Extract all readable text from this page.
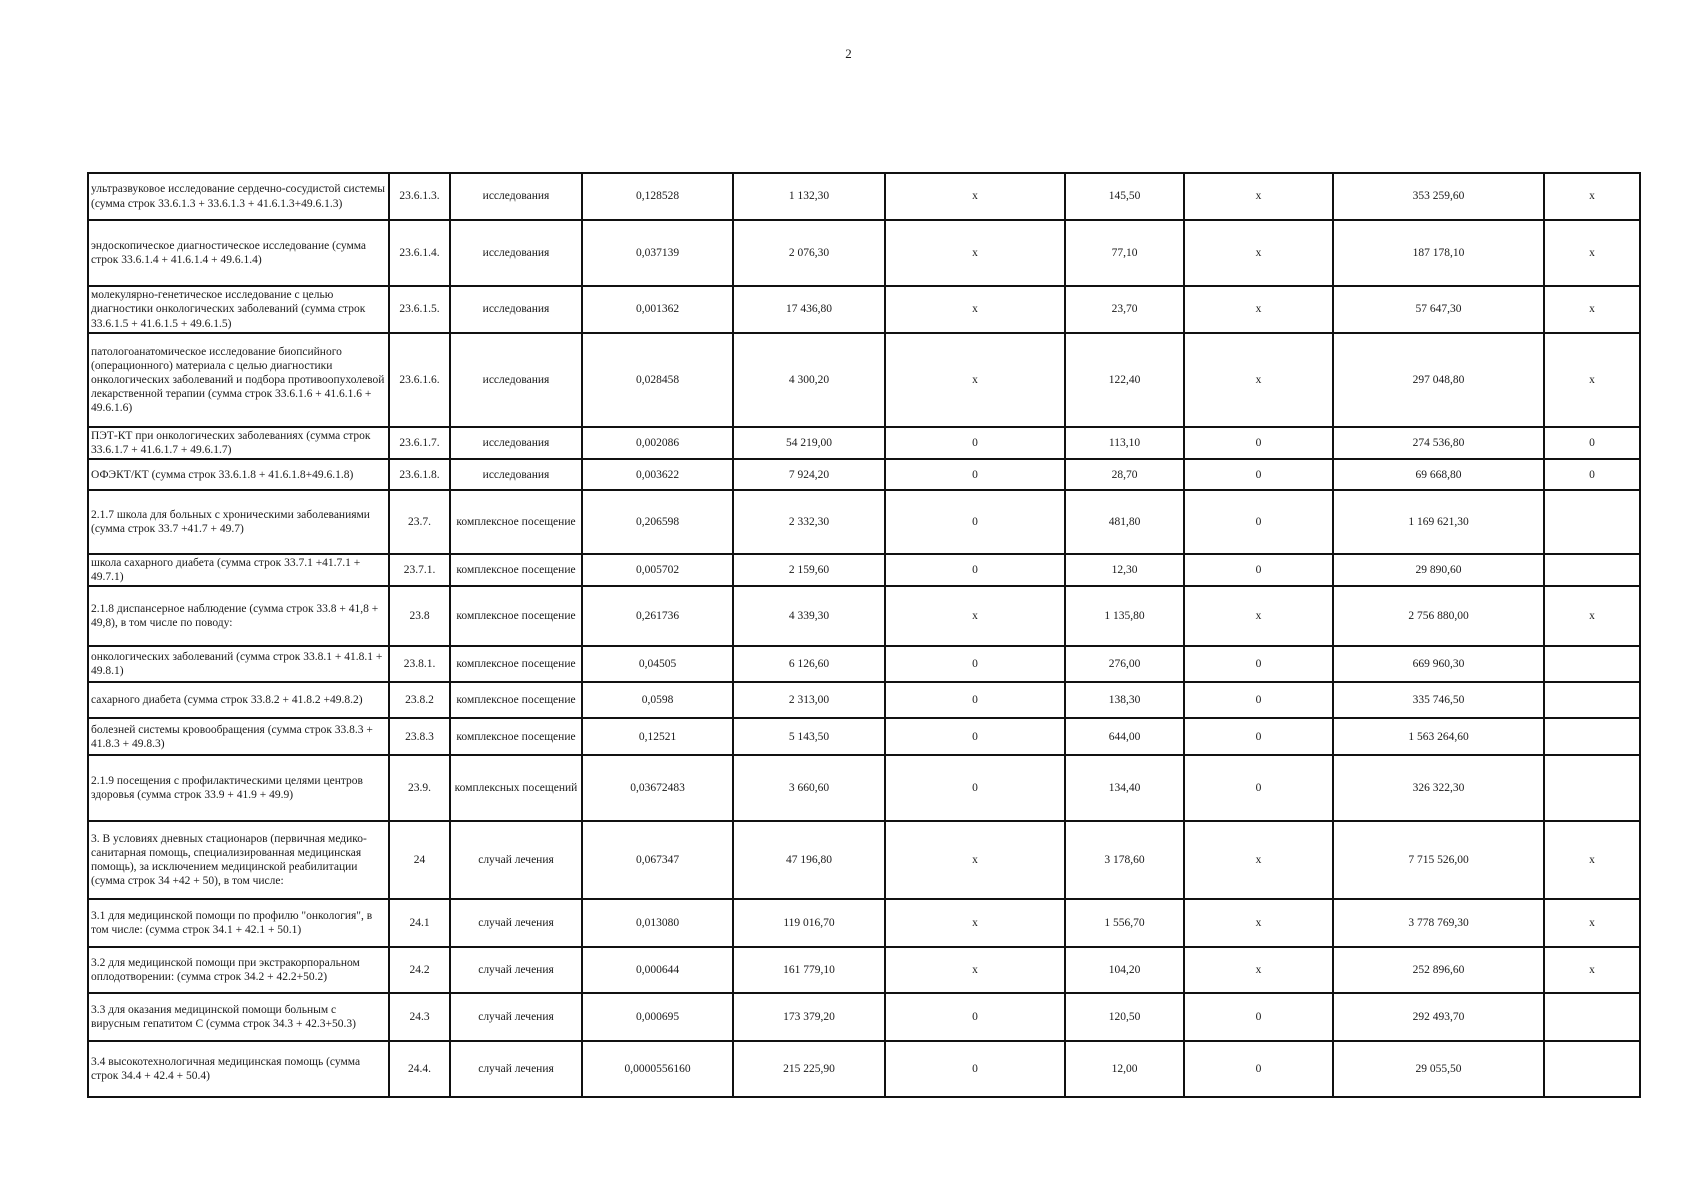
2
ультразвуковое исследование сердечно-сосудистой системы (сумма строк 33.6.1.3 + 33.6.1.3 + 41.6.1.3+49.6.1.3)	23.6.1.3.	исследования	0,128528	1 132,30	х	145,50	х	353 259,60	х
эндоскопическое диагностическое исследование (сумма строк 33.6.1.4 + 41.6.1.4 + 49.6.1.4)	23.6.1.4.	исследования	0,037139	2 076,30	х	77,10	х	187 178,10	х
молекулярно-генетическое исследование с целью диагностики онкологических заболеваний (сумма строк 33.6.1.5 + 41.6.1.5 + 49.6.1.5)	23.6.1.5.	исследования	0,001362	17 436,80	х	23,70	х	57 647,30	х
патологоанатомическое исследование биопсийного (операционного) материала с целью диагностики онкологических заболеваний и подбора противоопухолевой лекарственной терапии (сумма строк 33.6.1.6 + 41.6.1.6 + 49.6.1.6)	23.6.1.6.	исследования	0,028458	4 300,20	х	122,40	х	297 048,80	х
ПЭТ-КТ при онкологических заболеваниях (сумма строк 33.6.1.7 + 41.6.1.7 + 49.6.1.7)	23.6.1.7.	исследования	0,002086	54 219,00	0	113,10	0	274 536,80	0
ОФЭКТ/КТ (сумма строк 33.6.1.8 + 41.6.1.8+49.6.1.8)	23.6.1.8.	исследования	0,003622	7 924,20	0	28,70	0	69 668,80	0
2.1.7 школа для больных с хроническими заболеваниями (сумма строк 33.7 +41.7 + 49.7)	23.7.	комплексное посещение	0,206598	2 332,30	0	481,80	0	1 169 621,30	
школа сахарного диабета (сумма строк 33.7.1 +41.7.1 + 49.7.1)	23.7.1.	комплексное посещение	0,005702	2 159,60	0	12,30	0	29 890,60	
2.1.8 диспансерное наблюдение (сумма строк 33.8 + 41,8 + 49,8), в том числе по поводу:	23.8	комплексное посещение	0,261736	4 339,30	х	1 135,80	х	2 756 880,00	х
онкологических заболеваний (сумма строк 33.8.1 + 41.8.1 + 49.8.1)	23.8.1.	комплексное посещение	0,04505	6 126,60	0	276,00	0	669 960,30	
сахарного диабета (сумма строк 33.8.2 + 41.8.2 +49.8.2)	23.8.2	комплексное посещение	0,0598	2 313,00	0	138,30	0	335 746,50	
болезней системы кровообращения (сумма строк 33.8.3 + 41.8.3 + 49.8.3)	23.8.3	комплексное посещение	0,12521	5 143,50	0	644,00	0	1 563 264,60	
2.1.9 посещения с профилактическими целями центров здоровья (сумма строк 33.9 + 41.9 + 49.9)	23.9.	комплексных посещений	0,03672483	3 660,60	0	134,40	0	326 322,30	
3. В условиях дневных стационаров (первичная медико-санитарная помощь, специализированная медицинская помощь), за исключением медицинской реабилитации (сумма строк 34 +42 + 50), в том числе:	24	случай лечения	0,067347	47 196,80	х	3 178,60	х	7 715 526,00	х
3.1 для медицинской помощи по профилю "онкология", в том числе: (сумма строк 34.1 + 42.1 + 50.1)	24.1	случай лечения	0,013080	119 016,70	х	1 556,70	х	3 778 769,30	х
3.2 для медицинской помощи при экстракорпоральном оплодотворении: (сумма строк 34.2 + 42.2+50.2)	24.2	случай лечения	0,000644	161 779,10	х	104,20	х	252 896,60	х
3.3 для оказания медицинской помощи больным с вирусным гепатитом С (сумма строк 34.3 + 42.3+50.3)	24.3	случай лечения	0,000695	173 379,20	0	120,50	0	292 493,70	
3.4 высокотехнологичная медицинская помощь (сумма строк 34.4 + 42.4 + 50.4)	24.4.	случай лечения	0,0000556160	215 225,90	0	12,00	0	29 055,50	
